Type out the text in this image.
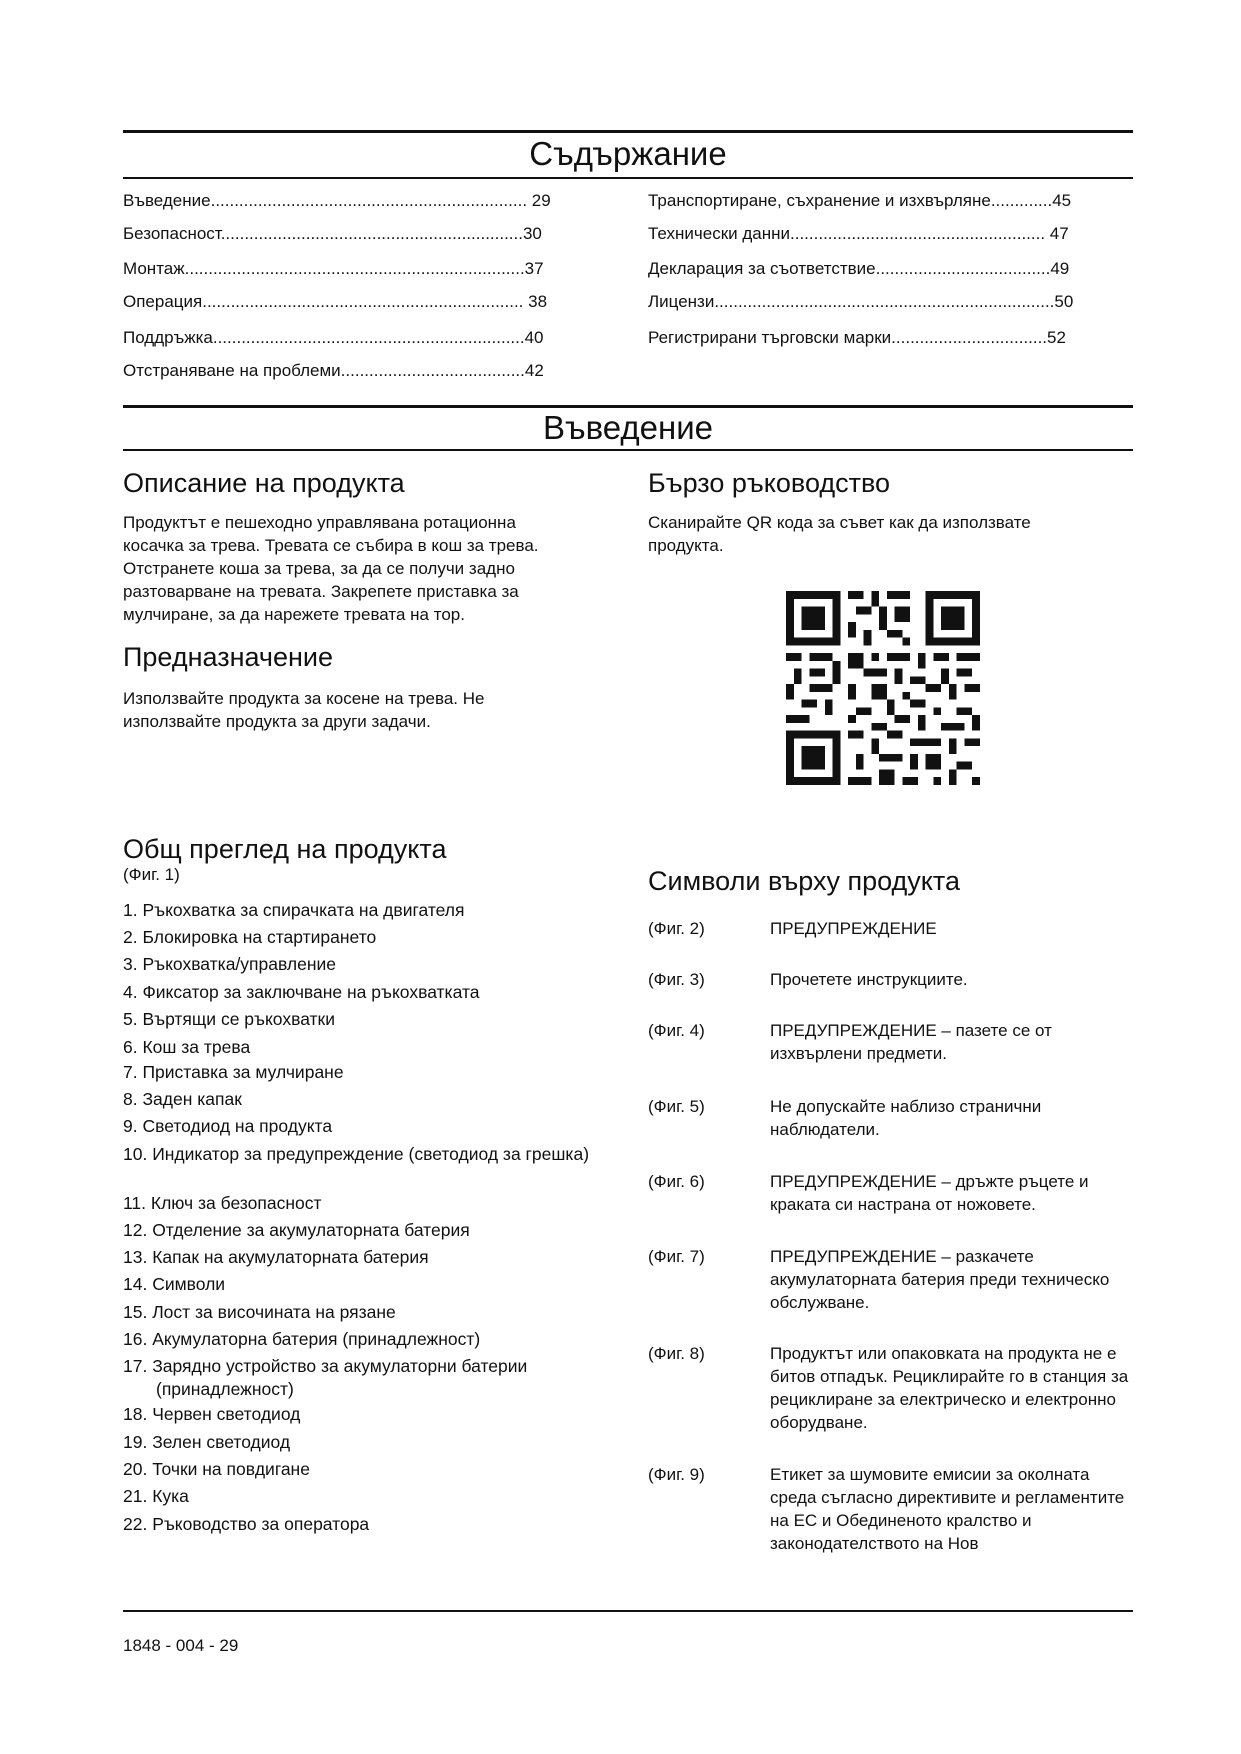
Съдържание
Въведение................................................................... 29
Безопасност................................................................30
Монтаж........................................................................37
Операция.................................................................... 38
Поддръжка..................................................................40
Отстраняване на проблеми.......................................42
Транспортиране, съхранение и изхвърляне.............45
Технически данни...................................................... 47
Декларация за съответствие.....................................49
Лицензи........................................................................50
Регистрирани търговски марки.................................52
Въведение
Описание на продукта
Продуктът е пешеходно управлявана ротационна
косачка за трева. Тревата се събира в кош за трева.
Отстранете коша за трева, за да се получи задно
разтоварване на тревата. Закрепете приставка за
мулчиране, за да нарежете тревата на тор.
Предназначение
Използвайте продукта за косене на трева. Не
използвайте продукта за други задачи.
Бързо ръководство
Сканирайте QR кода за съвет как да използвате
продукта.
Общ преглед на продукта
(Фиг. 1)
1. Ръкохватка за спирачката на двигателя
2. Блокировка на стартирането
3. Ръкохватка/управление
4. Фиксатор за заключване на ръкохватката
5. Въртящи се ръкохватки
6. Кош за трева
7. Приставка за мулчиране
8. Заден капак
9. Светодиод на продукта
10. Индикатор за предупреждение (светодиод за грешка)
11. Ключ за безопасност
12. Отделение за акумулаторната батерия
13. Капак на акумулаторната батерия
14. Символи
15. Лост за височината на рязане
16. Акумулаторна батерия (принадлежност)
17. Зарядно устройство за акумулаторни батерии (принадлежност)
18. Червен светодиод
19. Зелен светодиод
20. Точки на повдигане
21. Кука
22. Ръководство за оператора
Символи върху продукта
(Фиг. 2)	ПРЕДУПРЕЖДЕНИЕ
(Фиг. 3)	Прочетете инструкциите.
(Фиг. 4)	ПРЕДУПРЕЖДЕНИЕ – пазете се от изхвърлени предмети.
(Фиг. 5)	Не допускайте наблизо странични наблюдатели.
(Фиг. 6)	ПРЕДУПРЕЖДЕНИЕ – дръжте ръцете и краката си настрана от ножовете.
(Фиг. 7)	ПРЕДУПРЕЖДЕНИЕ – разкачете акумулаторната батерия преди техническо обслужване.
(Фиг. 8)	Продуктът или опаковката на продукта не е битов отпадък. Рециклирайте го в станция за рециклиране за електрическо и електронно оборудване.
(Фиг. 9)	Етикет за шумовите емисии за околната среда съгласно директивите и регламентите на ЕС и Обединеното кралство и законодателството на Нов
1848 - 004 - 29
